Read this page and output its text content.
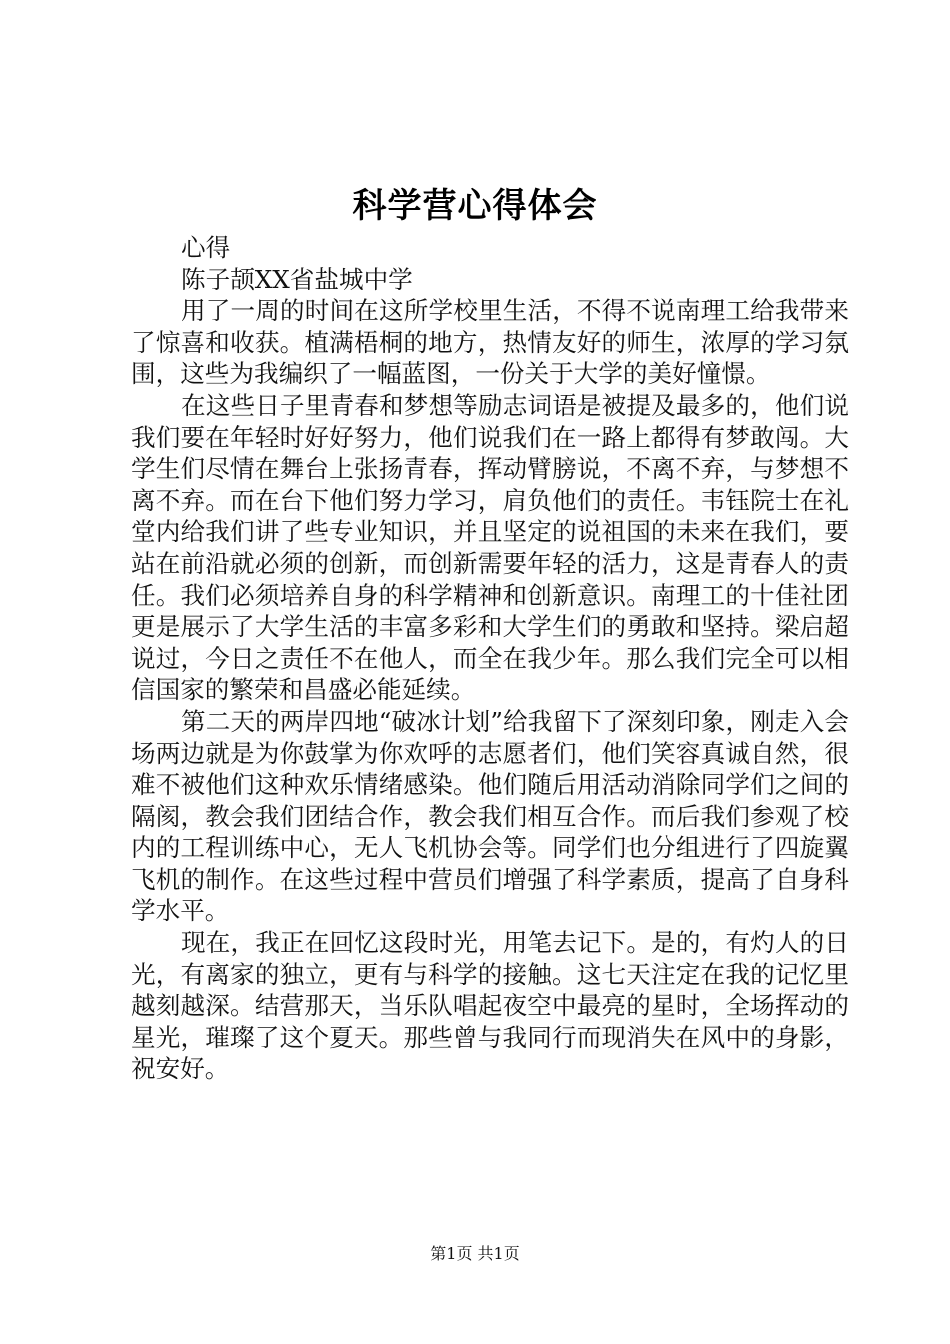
科学营心得体会

心得

陈子颉XX省盐城中学

用了一周的时间在这所学校里生活，不得不说南理工给我带来了惊喜和收获。植满梧桐的地方，热情友好的师生，浓厚的学习氛围，这些为我编织了一幅蓝图，一份关于大学的美好憧憬。

在这些日子里青春和梦想等励志词语是被提及最多的，他们说我们要在年轻时好好努力，他们说我们在一路上都得有梦敢闯。大学生们尽情在舞台上张扬青春，挥动臂膀说，不离不弃，与梦想不离不弃。而在台下他们努力学习，肩负他们的责任。韦钰院士在礼堂内给我们讲了些专业知识，并且坚定的说祖国的未来在我们，要站在前沿就必须的创新，而创新需要年轻的活力，这是青春人的责任。我们必须培养自身的科学精神和创新意识。南理工的十佳社团更是展示了大学生活的丰富多彩和大学生们的勇敢和坚持。梁启超说过，今日之责任不在他人，而全在我少年。那么我们完全可以相信国家的繁荣和昌盛必能延续。

第二天的两岸四地“破冰计划”给我留下了深刻印象，刚走入会场两边就是为你鼓掌为你欢呼的志愿者们，他们笑容真诚自然，很难不被他们这种欢乐情绪感染。他们随后用活动消除同学们之间的隔阂，教会我们团结合作，教会我们相互合作。而后我们参观了校内的工程训练中心，无人飞机协会等。同学们也分组进行了四旋翼飞机的制作。在这些过程中营员们增强了科学素质，提高了自身科学水平。

现在，我正在回忆这段时光，用笔去记下。是的，有灼人的日光，有离家的独立，更有与科学的接触。这七天注定在我的记忆里越刻越深。结营那天，当乐队唱起夜空中最亮的星时，全场挥动的星光，璀璨了这个夏天。那些曾与我同行而现消失在风中的身影，祝安好。

第1页 共1页
